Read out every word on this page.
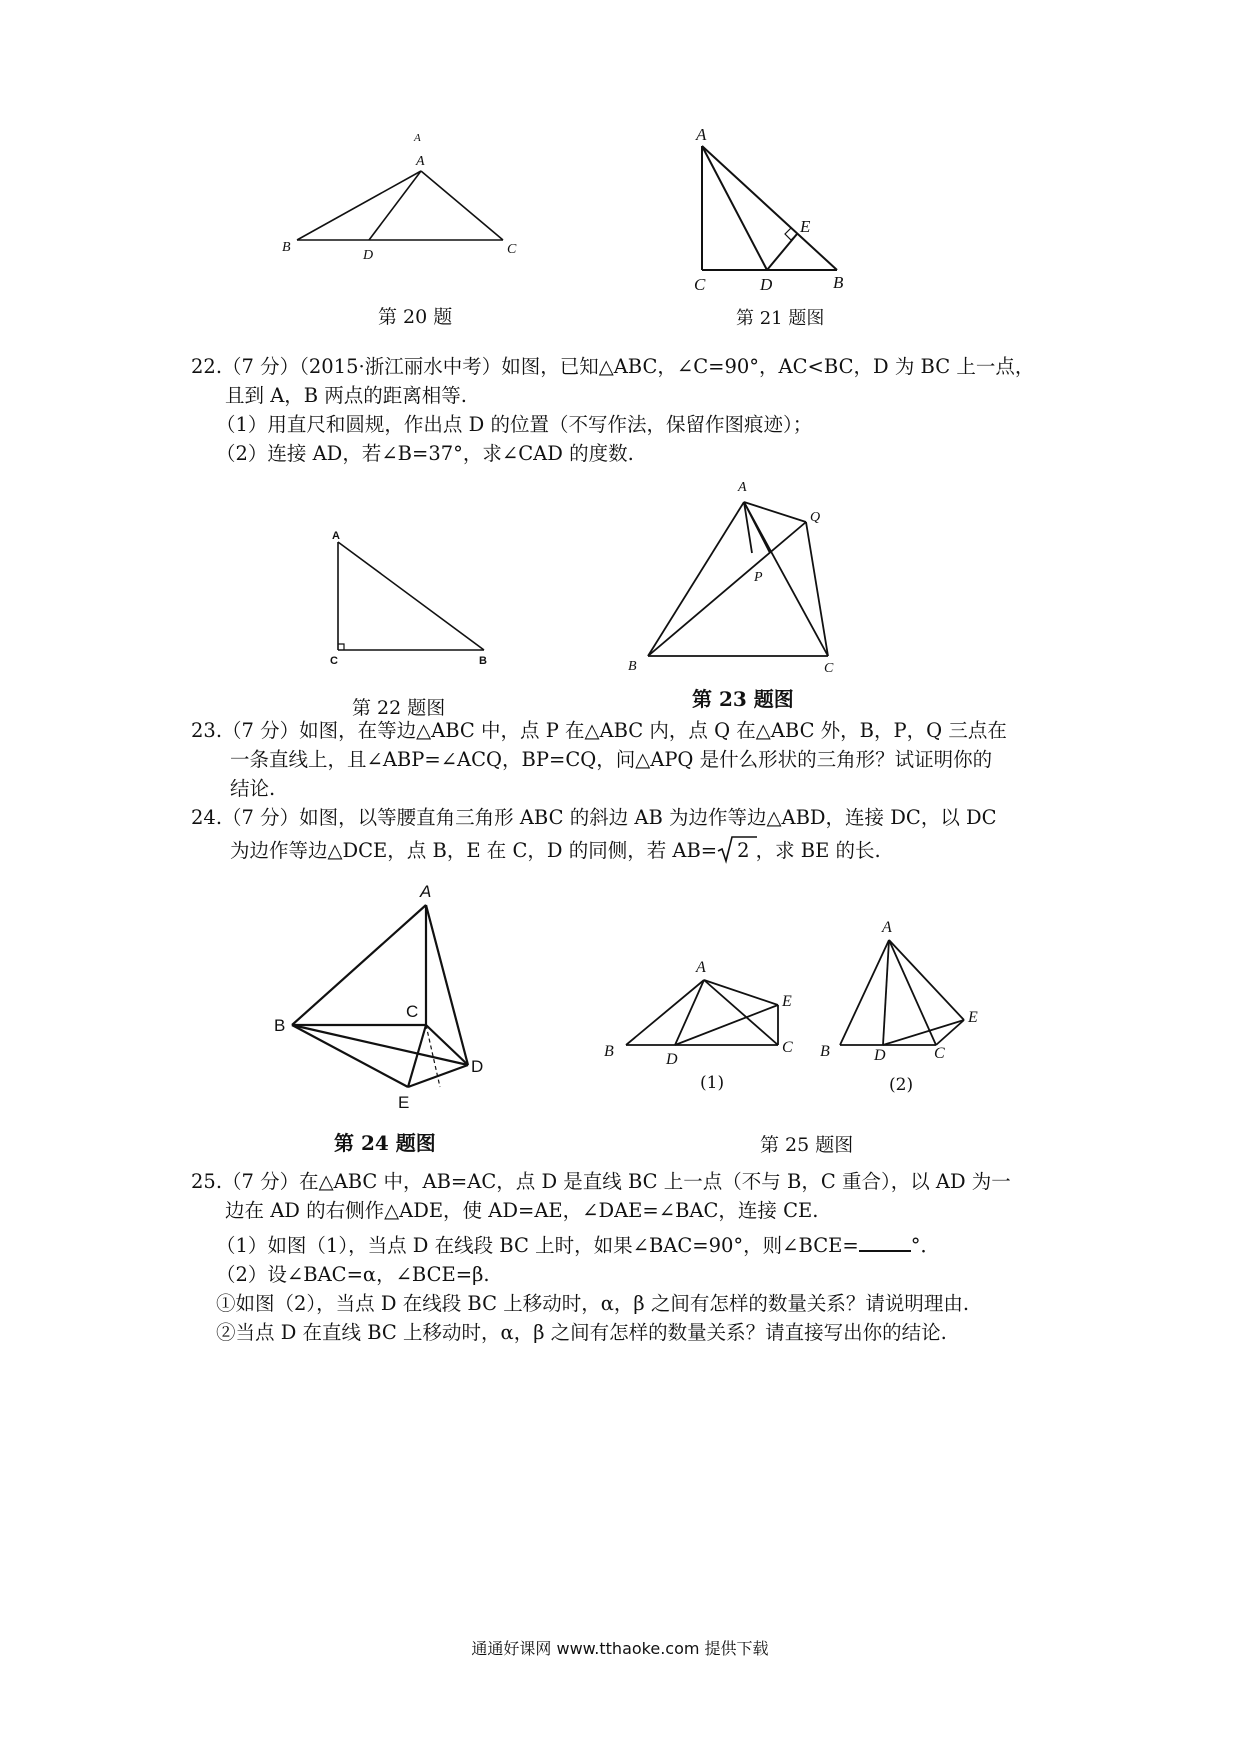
A
A
B
D	C
第 20 题
A
E
C	D	B
第 21 题图
22.（7 分）（2015·浙江丽水中考）如图，已知△ABC，∠C=90°，AC<BC，D 为 BC 上一点，
且到 A，B 两点的距离相等.
（1）用直尺和圆规，作出点 D 的位置（不写作法，保留作图痕迹）；
（2）连接 AD，若∠B=37°，求∠CAD 的度数.
A
C	B
第 22 题图
A
Q
P
B	C
第 23 题图
23.（7 分）如图，在等边△ABC 中，点 P 在△ABC 内，点 Q 在△ABC 外，B，P，Q 三点在
一条直线上，且∠ABP=∠ACQ，BP=CQ，问△APQ 是什么形状的三角形？试证明你的
结论.
24.（7 分）如图，以等腰直角三角形 ABC 的斜边 AB 为边作等边△ABD，连接 DC，以 DC
为边作等边△DCE，点 B，E 在 C，D 的同侧，若 AB= 2 ，求 BE 的长.
A
C
B
D
E
第 24 题图
A
E
B	D
C
(1)
A
E
B	D	C
(2)
第 25 题图
25.（7 分）在△ABC 中，AB=AC，点 D 是直线 BC 上一点（不与 B，C 重合），以 AD 为一
边在 AD 的右侧作△ADE，使 AD=AE，∠DAE=∠BAC，连接 CE.
（1）如图（1），当点 D 在线段 BC 上时，如果∠BAC=90°，则∠BCE=	°．
（2）设∠BAC=α，∠BCE=β.
①如图（2），当点 D 在线段 BC 上移动时，α，β 之间有怎样的数量关系？请说明理由.
②当点 D 在直线 BC 上移动时，α，β 之间有怎样的数量关系？请直接写出你的结论.
通通好课网 www.tthaoke.com 提供下载
